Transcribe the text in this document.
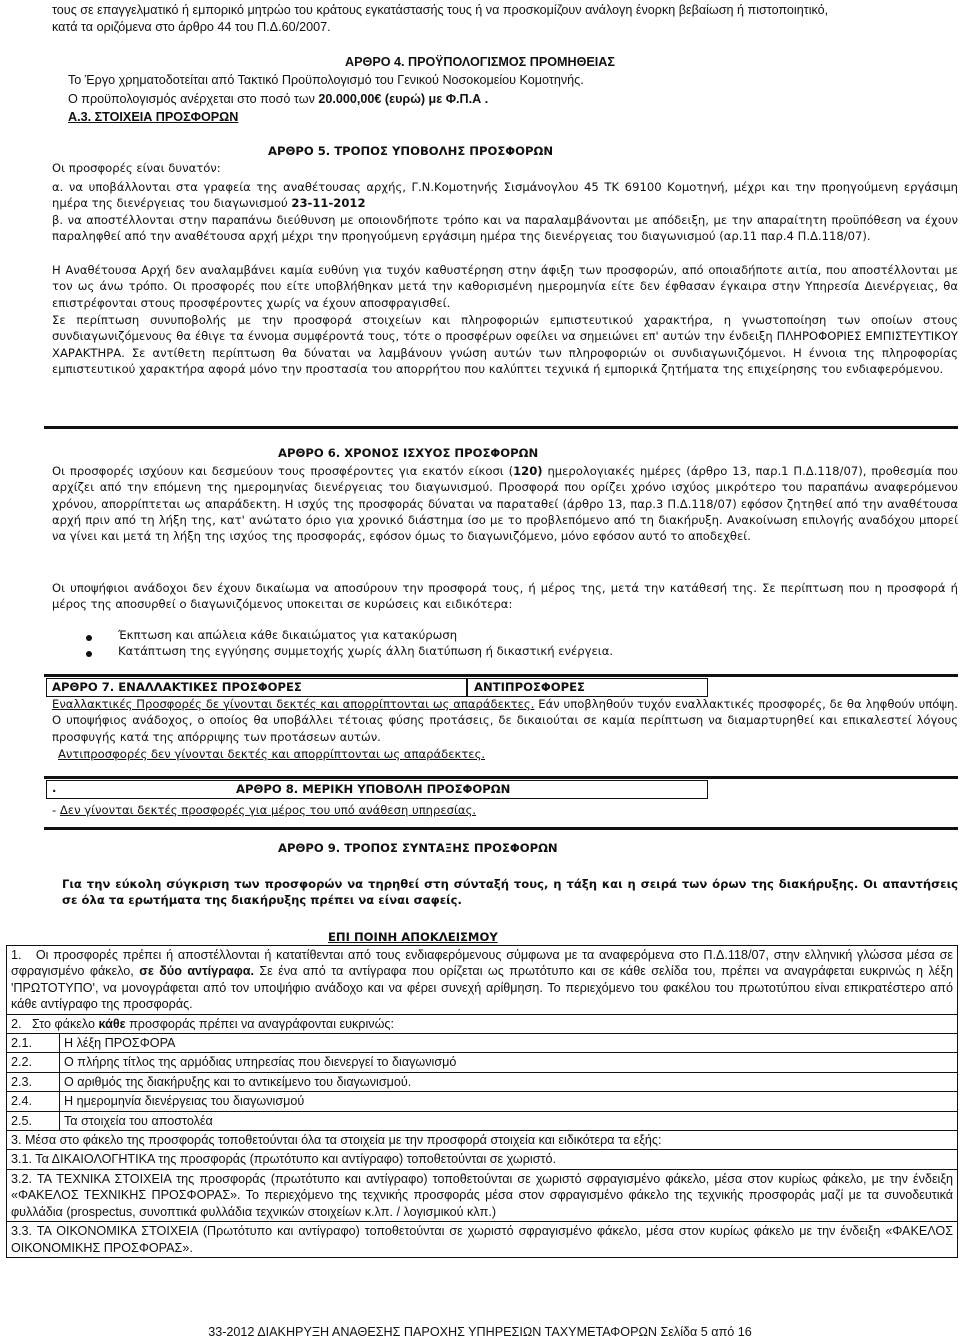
τους σε επαγγελματικό ή εμπορικό μητρώο του κράτους εγκατάστασής τους ή να προσκομίζουν ανάλογη ένορκη βεβαίωση ή πιστοποιητικό,
κατά τα οριζόμενα στο άρθρο 44 του Π.Δ.60/2007.
ΑΡΘΡΟ 4. ΠΡΟΫΠΟΛΟΓΙΣΜΟΣ ΠΡΟΜΗΘΕΙΑΣ
Το Έργο χρηματοδοτείται από Τακτικό Προϋπολογισμό του Γενικού Νοσοκομείου Κομοτηνής.
Ο προϋπολογισμός ανέρχεται στο ποσό των 20.000,00€ (ευρώ) με Φ.Π.Α .
Α.3. ΣΤΟΙΧΕΙΑ ΠΡΟΣΦΟΡΩΝ
ΑΡΘΡΟ 5. ΤΡΟΠΟΣ ΥΠΟΒΟΛΗΣ ΠΡΟΣΦΟΡΩΝ
Οι προσφορές είναι δυνατόν:
α. να υποβάλλονται στα γραφεία της αναθέτουσας αρχής, Γ.Ν.Κομοτηνής Σισμάνογλου 45 ΤΚ 69100 Κομοτηνή, μέχρι και την προηγούμενη εργάσιμη ημέρα της διενέργειας του διαγωνισμού 23-11-2012
β. να αποστέλλονται στην παραπάνω διεύθυνση με οποιονδήποτε τρόπο και να παραλαμβάνονται με απόδειξη, με την απαραίτητη προϋπόθεση να έχουν παραληφθεί από την αναθέτουσα αρχή μέχρι την προηγούμενη εργάσιμη ημέρα της διενέργειας του διαγωνισμού (αρ.11 παρ.4 Π.Δ.118/07).
Η Αναθέτουσα Αρχή δεν αναλαμβάνει καμία ευθύνη για τυχόν καθυστέρηση στην άφιξη των προσφορών, από οποιαδήποτε αιτία, που αποστέλλονται με τον ως άνω τρόπο. Οι προσφορές που είτε υποβλήθηκαν μετά την καθορισμένη ημερομηνία είτε δεν έφθασαν έγκαιρα στην Υπηρεσία Διενέργειας, θα επιστρέφονται στους προσφέροντες χωρίς να έχουν αποσφραγισθεί.
Σε περίπτωση συνυποβολής με την προσφορά στοιχείων και πληροφοριών εμπιστευτικού χαρακτήρα, η γνωστοποίηση των οποίων στους συνδιαγωνιζόμενους θα έθιγε τα έννομα συμφέροντά τους, τότε ο προσφέρων οφείλει να σημειώνει επ' αυτών την ένδειξη ΠΛΗΡΟΦΟΡΙΕΣ ΕΜΠΙΣΤΕΥΤΙΚΟΥ ΧΑΡΑΚΤΗΡΑ. Σε αντίθετη περίπτωση θα δύναται να λαμβάνουν γνώση αυτών των πληροφοριών οι συνδιαγωνιζόμενοι. Η έννοια της πληροφορίας εμπιστευτικού χαρακτήρα αφορά μόνο την προστασία του απορρήτου που καλύπτει τεχνικά ή εμπορικά ζητήματα της επιχείρησης του ενδιαφερόμενου.
ΑΡΘΡΟ 6. ΧΡΟΝΟΣ ΙΣΧΥΟΣ ΠΡΟΣΦΟΡΩΝ
Οι προσφορές ισχύουν και δεσμεύουν τους προσφέροντες για εκατόν είκοσι (120) ημερολογιακές ημέρες (άρθρο 13, παρ.1 Π.Δ.118/07), προθεσμία που αρχίζει από την επόμενη της ημερομηνίας διενέργειας του διαγωνισμού. Προσφορά που ορίζει χρόνο ισχύος μικρότερο του παραπάνω αναφερόμενου χρόνου, απορρίπτεται ως απαράδεκτη. Η ισχύς της προσφοράς δύναται να παραταθεί (άρθρο 13, παρ.3 Π.Δ.118/07) εφόσον ζητηθεί από την αναθέτουσα αρχή πριν από τη λήξη της, κατ' ανώτατο όριο για χρονικό διάστημα ίσο με το προβλεπόμενο από τη διακήρυξη. Ανακοίνωση επιλογής αναδόχου μπορεί να γίνει και μετά τη λήξη της ισχύος της προσφοράς, εφόσον όμως το διαγωνιζόμενο, μόνο εφόσον αυτό το αποδεχθεί.
Οι υποψήφιοι ανάδοχοι δεν έχουν δικαίωμα να αποσύρουν την προσφορά τους, ή μέρος της, μετά την κατάθεσή της. Σε περίπτωση που η προσφορά ή μέρος της αποσυρθεί ο διαγωνιζόμενος υποκειται σε κυρώσεις και ειδικότερα:
Έκπτωση και απώλεια κάθε δικαιώματος για κατακύρωση
Κατάπτωση της εγγύησης συμμετοχής χωρίς άλλη διατύπωση ή δικαστική ενέργεια.
ΑΡΘΡΟ 7. ΕΝΑΛΛΑΚΤΙΚΕΣ ΠΡΟΣΦΟΡΕΣ	ΑΝΤΙΠΡΟΣΦΟΡΕΣ
Εναλλακτικές Προσφορές δε γίνονται δεκτές και απορρίπτονται ως απαράδεκτες. Εάν υποβληθούν τυχόν εναλλακτικές προσφορές, δε θα ληφθούν υπόψη. Ο υποψήφιος ανάδοχος, ο οποίος θα υποβάλλει τέτοιας φύσης προτάσεις, δε δικαιούται σε καμία περίπτωση να διαμαρτυρηθεί και επικαλεστεί λόγους προσφυγής κατά της απόρριψης των προτάσεων αυτών.
Αντιπροσφορές δεν γίνονται δεκτές και απορρίπτονται ως απαράδεκτες.
.	ΑΡΘΡΟ 8. ΜΕΡΙΚΗ ΥΠΟΒΟΛΗ ΠΡΟΣΦΟΡΩΝ
- Δεν γίνονται δεκτές προσφορές για μέρος του υπό ανάθεση υπηρεσίας.
ΑΡΘΡΟ 9. ΤΡΟΠΟΣ ΣΥΝΤΑΞΗΣ ΠΡΟΣΦΟΡΩΝ
Για την εύκολη σύγκριση των προσφορών να τηρηθεί στη σύνταξή τους, η τάξη και η σειρά των όρων της διακήρυξης. Οι απαντήσεις σε όλα τα ερωτήματα της διακήρυξης πρέπει να είναι σαφείς.
ΕΠΙ ΠΟΙΝΗ ΑΠΟΚΛΕΙΣΜΟΥ
1. Οι προσφορές πρέπει ή αποστέλλονται ή κατατίθενται από τους ενδιαφερόμενους σύμφωνα με τα αναφερόμενα στο Π.Δ.118/07, στην ελληνική γλώσσα μέσα σε σφραγισμένο φάκελο, σε δύο αντίγραφα. Σε ένα από τα αντίγραφα που ορίζεται ως πρωτότυπο και σε κάθε σελίδα του, πρέπει να αναγράφεται ευκρινώς η λέξη 'ΠΡΩΤΟΤΥΠΟ', να μονογράφεται από τον υποψήφιο ανάδοχο και να φέρει συνεχή αρίθμηση. Το περιεχόμενο του φακέλου του πρωτοτύπου είναι επικρατέστερο από κάθε αντίγραφο της προσφοράς.	
2. Στο φάκελο κάθε προσφοράς πρέπει να αναγράφονται ευκρινώς:	
2.1.	Η λέξη ΠΡΟΣΦΟΡΑ
2.2.	Ο πλήρης τίτλος της αρμόδιας υπηρεσίας που διενεργεί το διαγωνισμό
2.3.	Ο αριθμός της διακήρυξης και το αντικείμενο του διαγωνισμού.
2.4.	Η ημερομηνία διενέργειας του διαγωνισμού
2.5.	Τα στοιχεία του αποστολέα
3. Μέσα στο φάκελο της προσφοράς τοποθετούνται όλα τα στοιχεία με την προσφορά στοιχεία και ειδικότερα τα εξής:	
3.1. Τα ΔΙΚΑΙΟΛΟΓΗΤΙΚΑ της προσφοράς (πρωτότυπο και αντίγραφο) τοποθετούνται σε χωριστό.	
3.2. ΤΑ ΤΕΧΝΙΚΑ ΣΤΟΙΧΕΙΑ της προσφοράς (πρωτότυπο και αντίγραφο) τοποθετούνται σε χωριστό σφραγισμένο φάκελο, μέσα στον κυρίως φάκελο, με την ένδειξη «ΦΑΚΕΛΟΣ ΤΕΧΝΙΚΗΣ ΠΡΟΣΦΟΡΑΣ». Το περιεχόμενο της τεχνικής προσφοράς μέσα στον σφραγισμένο φάκελο της τεχνικής προσφοράς μαζί με τα συνοδευτικά φυλλάδια (prospectus, συνοπτικά φυλλάδια τεχνικών στοιχείων κ.λπ. / λογισμικού κλπ.)	
3.3. ΤΑ ΟΙΚΟΝΟΜΙΚΑ ΣΤΟΙΧΕΙΑ (Πρωτότυπο και αντίγραφο) τοποθετούνται σε χωριστό σφραγισμένο φάκελο, μέσα στον κυρίως φάκελο με την ένδειξη «ΦΑΚΕΛΟΣ ΟΙΚΟΝΟΜΙΚΗΣ ΠΡΟΣΦΟΡΑΣ».	
33-2012 ΔΙΑΚΗΡΥΞΗ ΑΝΑΘΕΣΗΣ ΠΑΡΟΧΗΣ ΥΠΗΡΕΣΙΩΝ ΤΑΧΥΜΕΤΑΦΟΡΩΝ Σελίδα 5 από 16
